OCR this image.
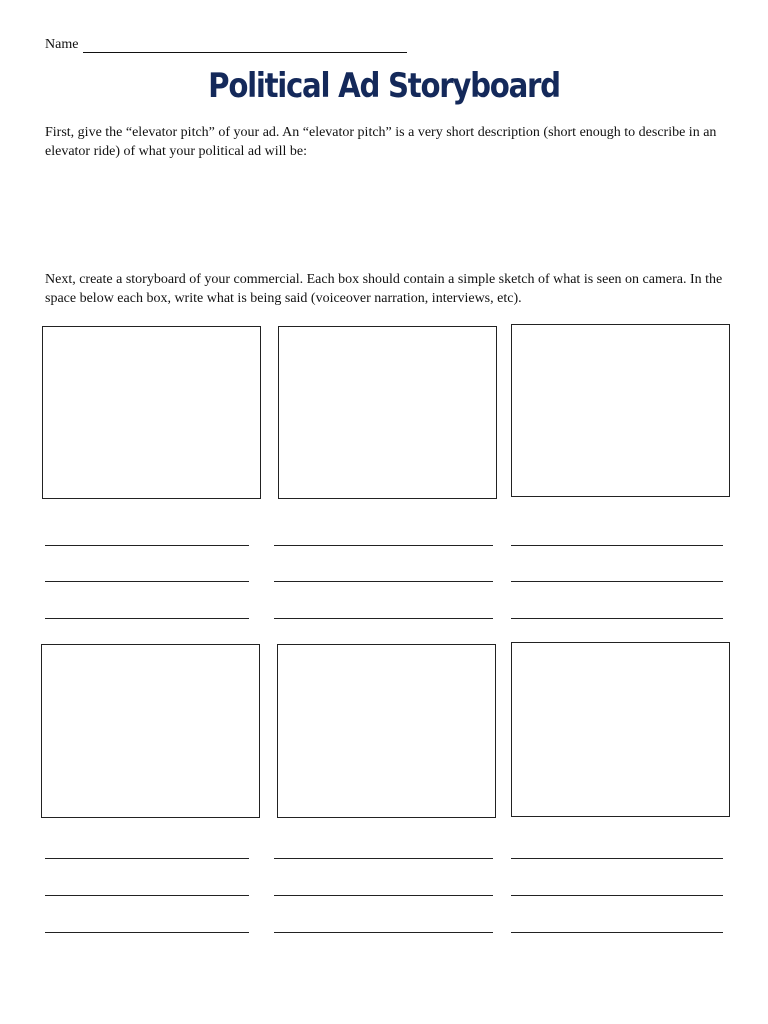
Name
Political Ad Storyboard

First, give the “elevator pitch” of your ad. An “elevator pitch” is a very short description (short enough to describe in an elevator ride) of what your political ad will be:

Next, create a storyboard of your commercial. Each box should contain a simple sketch of what is seen on camera. In the space below each box, write what is being said (voiceover narration, interviews, etc).
